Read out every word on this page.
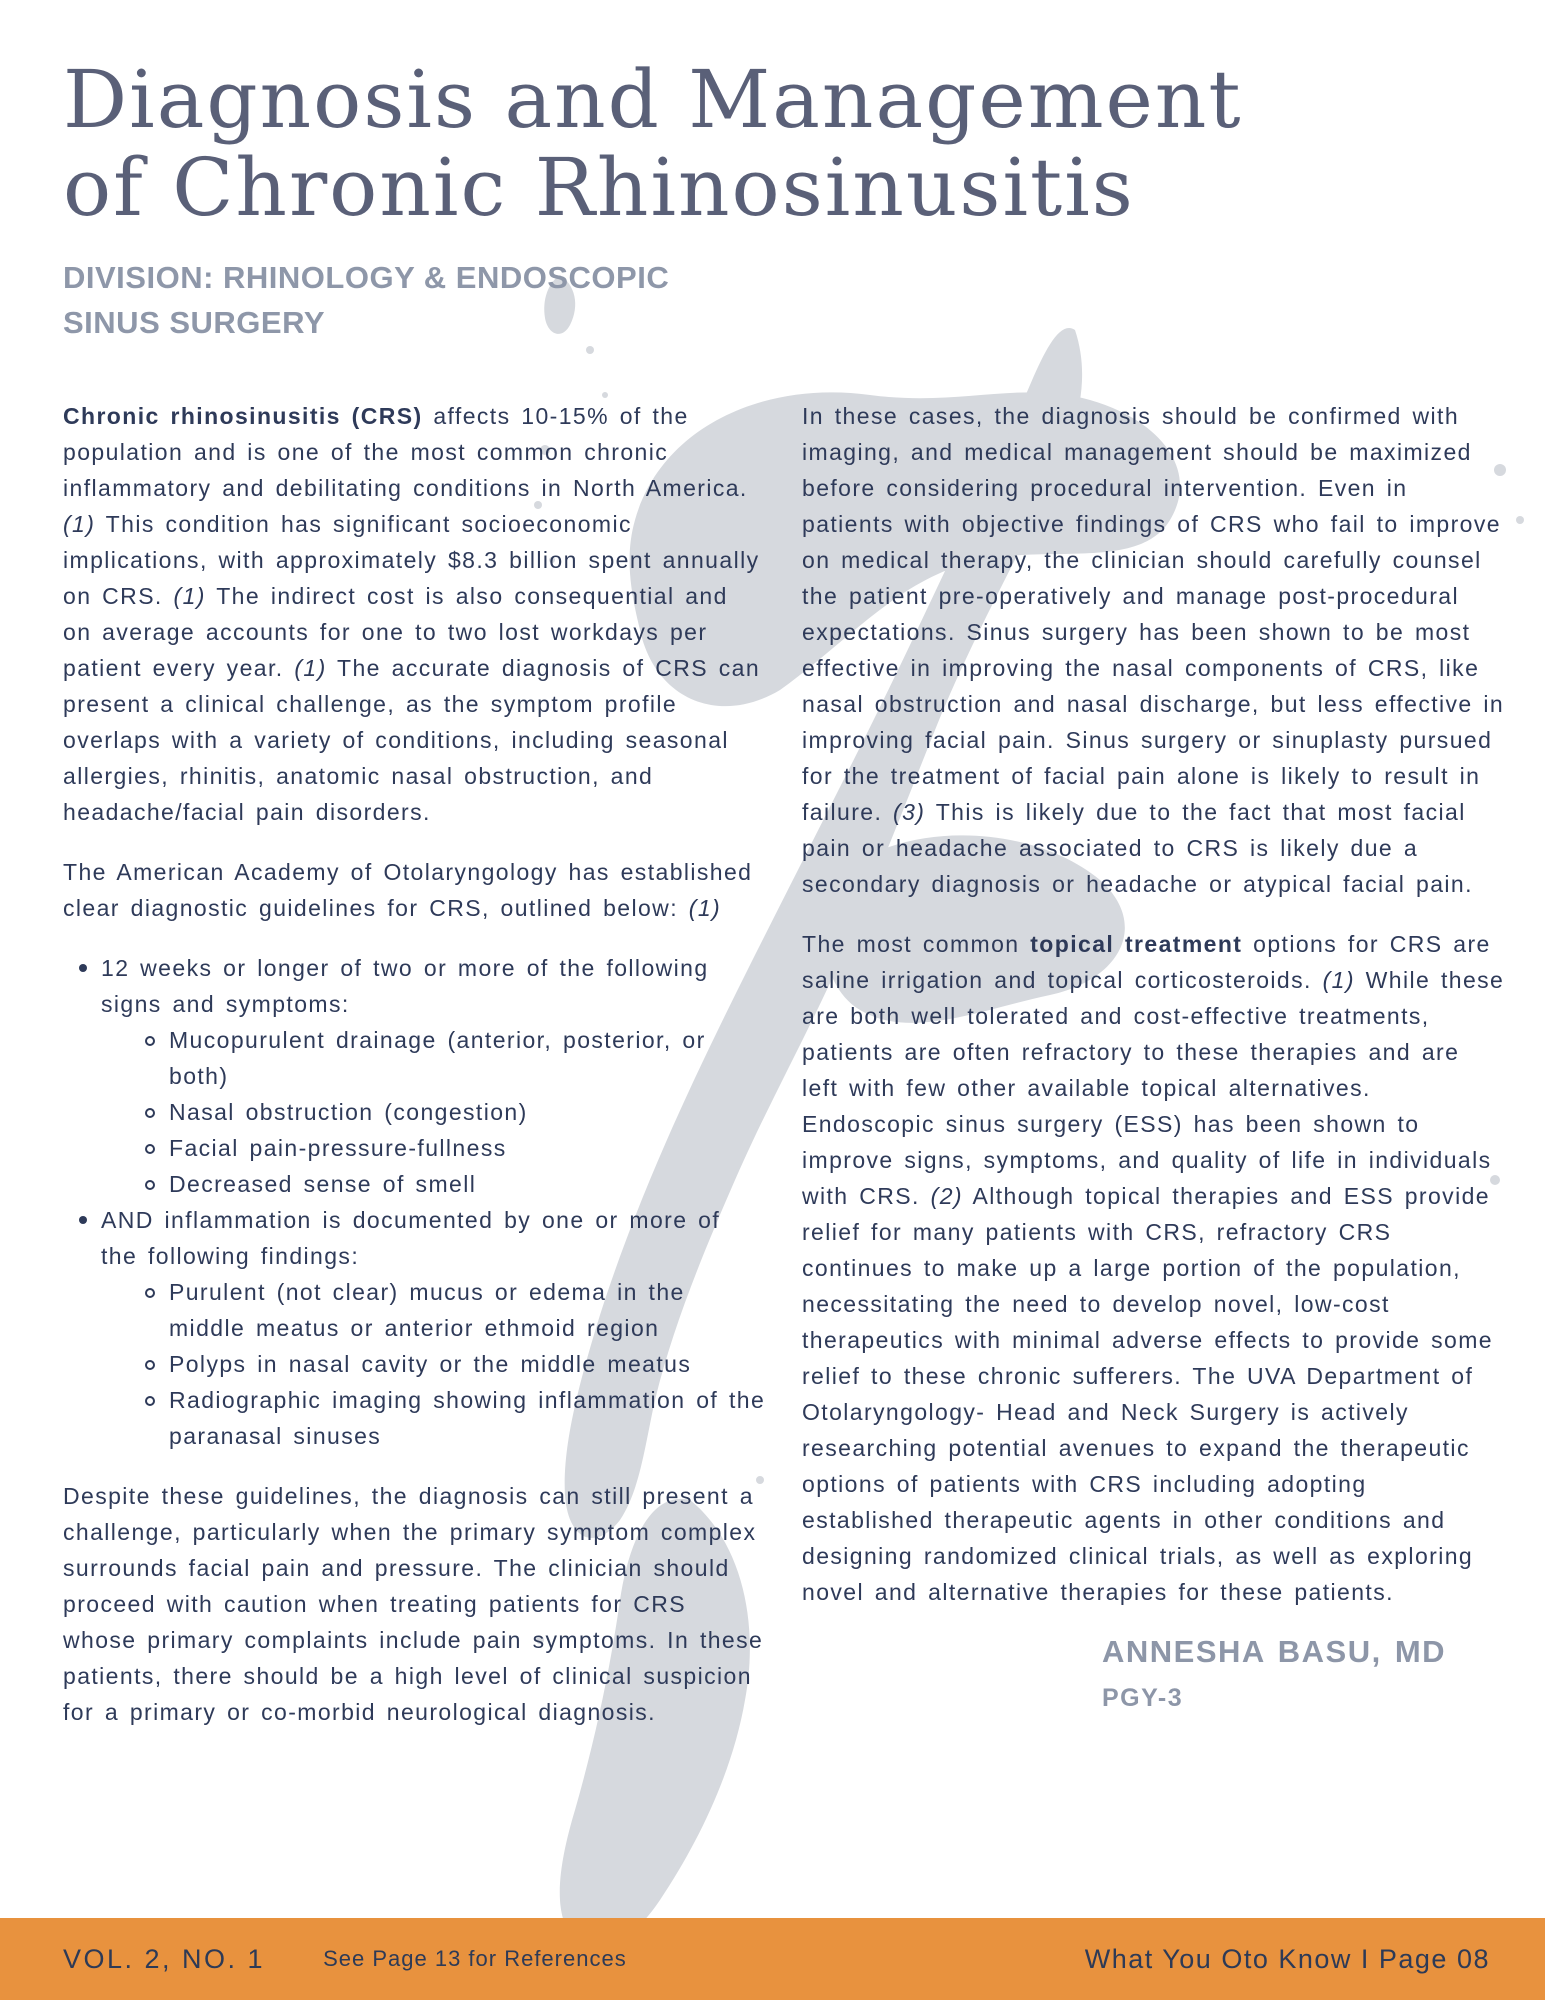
Diagnosis and Management
of Chronic Rhinosinusitis
DIVISION: RHINOLOGY & ENDOSCOPIC
SINUS SURGERY

Chronic rhinosinusitis (CRS) affects 10-15% of the population and is one of the most common chronic inflammatory and debilitating conditions in North America. (1) This condition has significant socioeconomic implications, with approximately $8.3 billion spent annually on CRS. (1) The indirect cost is also consequential and on average accounts for one to two lost workdays per patient every year. (1) The accurate diagnosis of CRS can present a clinical challenge, as the symptom profile overlaps with a variety of conditions, including seasonal allergies, rhinitis, anatomic nasal obstruction, and headache/facial pain disorders.

The American Academy of Otolaryngology has established clear diagnostic guidelines for CRS, outlined below: (1)

12 weeks or longer of two or more of the following signs and symptoms:
Mucopurulent drainage (anterior, posterior, or both)
Nasal obstruction (congestion)
Facial pain-pressure-fullness
Decreased sense of smell
AND inflammation is documented by one or more of the following findings:
Purulent (not clear) mucus or edema in the middle meatus or anterior ethmoid region
Polyps in nasal cavity or the middle meatus
Radiographic imaging showing inflammation of the paranasal sinuses

Despite these guidelines, the diagnosis can still present a challenge, particularly when the primary symptom complex surrounds facial pain and pressure. The clinician should proceed with caution when treating patients for CRS whose primary complaints include pain symptoms. In these patients, there should be a high level of clinical suspicion for a primary or co-morbid neurological diagnosis.

In these cases, the diagnosis should be confirmed with imaging, and medical management should be maximized before considering procedural intervention. Even in patients with objective findings of CRS who fail to improve on medical therapy, the clinician should carefully counsel the patient pre-operatively and manage post-procedural expectations. Sinus surgery has been shown to be most effective in improving the nasal components of CRS, like nasal obstruction and nasal discharge, but less effective in improving facial pain. Sinus surgery or sinuplasty pursued for the treatment of facial pain alone is likely to result in failure. (3) This is likely due to the fact that most facial pain or headache associated to CRS is likely due a secondary diagnosis or headache or atypical facial pain.

The most common topical treatment options for CRS are saline irrigation and topical corticosteroids. (1) While these are both well tolerated and cost-effective treatments, patients are often refractory to these therapies and are left with few other available topical alternatives. Endoscopic sinus surgery (ESS) has been shown to improve signs, symptoms, and quality of life in individuals with CRS. (2) Although topical therapies and ESS provide relief for many patients with CRS, refractory CRS continues to make up a large portion of the population, necessitating the need to develop novel, low-cost therapeutics with minimal adverse effects to provide some relief to these chronic sufferers. The UVA Department of Otolaryngology- Head and Neck Surgery is actively researching potential avenues to expand the therapeutic options of patients with CRS including adopting established therapeutic agents in other conditions and designing randomized clinical trials, as well as exploring novel and alternative therapies for these patients.

ANNESHA BASU, MD
PGY-3
VOL. 2, NO. 1	See Page 13 for References	What You Oto Know I Page 08
